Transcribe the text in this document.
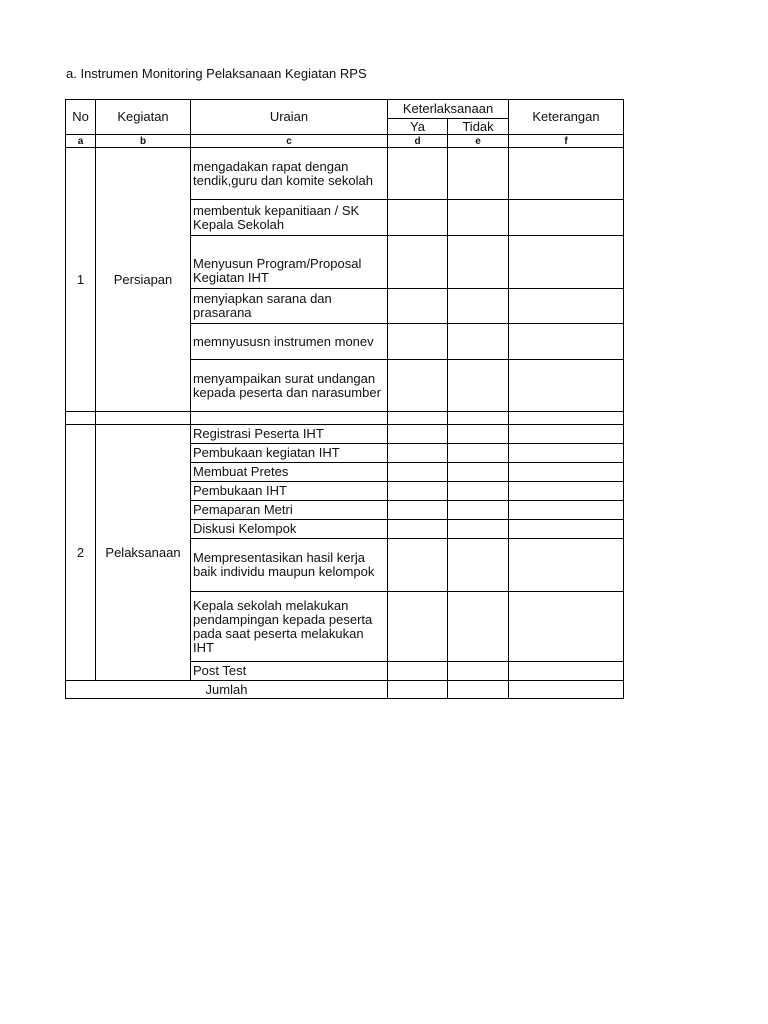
a. Instrumen Monitoring Pelaksanaan Kegiatan RPS
No	Kegiatan	Uraian	Keterlaksanaan		Keterangan
			Ya	Tidak	
a	b	c	d	e	f
1	Persiapan	mengadakan rapat dengan tendik,guru dan komite sekolah			
		membentuk kepanitiaan / SK Kepala Sekolah			
		Menyusun Program/Proposal Kegiatan IHT			
		menyiapkan sarana dan prasarana			
		memnyususn instrumen monev			
		menyampaikan surat undangan kepada peserta dan narasumber			

2	Pelaksanaan	Registrasi Peserta IHT			
		Pembukaan kegiatan IHT			
		Membuat Pretes			
		Pembukaan IHT			
		Pemaparan Metri			
		Diskusi Kelompok			
		Mempresentasikan hasil kerja baik individu maupun kelompok			
		Kepala sekolah melakukan pendampingan kepada peserta pada saat peserta melakukan IHT			
		Post Test			
Jumlah					
